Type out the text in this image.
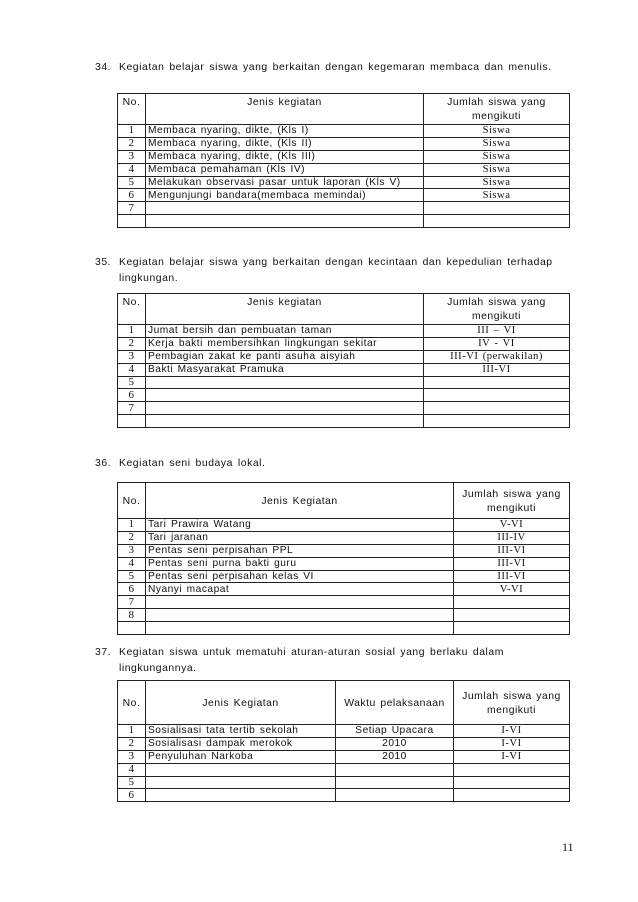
34. Kegiatan belajar siswa yang berkaitan dengan kegemaran membaca dan menulis.
No.	Jenis kegiatan	Jumlah siswa yang mengikuti
1	Membaca nyaring, dikte, (Kls I)	Siswa
2	Membaca nyaring, dikte, (Kls II)	Siswa
3	Membaca nyaring, dikte, (Kls III)	Siswa
4	Membaca pemahaman (Kls IV)	Siswa
5	Melakukan observasi pasar untuk laporan (Kls V)	Siswa
6	Mengunjungi bandara(membaca memindai)	Siswa
7		

35. Kegiatan belajar siswa yang berkaitan dengan kecintaan dan kepedulian terhadap
lingkungan.
No.	Jenis kegiatan	Jumlah siswa yang mengikuti
1	Jumat bersih dan pembuatan taman	III – VI
2	Kerja bakti membersihkan lingkungan sekitar	IV - VI
3	Pembagian zakat ke panti asuha aisyiah	III-VI (perwakilan)
4	Bakti Masyarakat Pramuka	III-VI
5		
6		
7		

36. Kegiatan seni budaya lokal.
No.	Jenis Kegiatan	Jumlah siswa yang mengikuti
1	Tari Prawira Watang	V-VI
2	Tari jaranan	III-IV
3	Pentas seni perpisahan PPL	III-VI
4	Pentas seni purna bakti guru	III-VI
5	Pentas seni perpisahan kelas VI	III-VI
6	Nyanyi macapat	V-VI
7		
8		

37. Kegiatan siswa untuk mematuhi aturan-aturan sosial yang berlaku dalam
lingkungannya.
No.	Jenis Kegiatan	Waktu pelaksanaan	Jumlah siswa yang mengikuti
1	Sosialisasi tata tertib sekolah	Setiap Upacara	I-VI
2	Sosialisasi dampak merokok	2010	I-VI
3	Penyuluhan Narkoba	2010	I-VI
4			
5			
6			
11
